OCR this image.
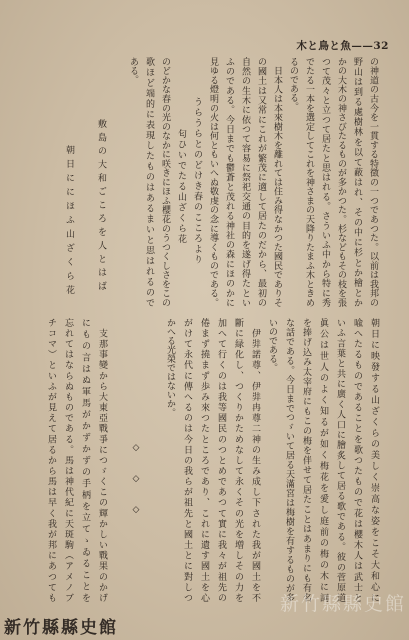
木と鳥と魚——32
の神道の古今を一貫する特徴の一つであつた。以前は我邦の
野山は到る處樹林を以て蔽はれ、その中に杉とか檜とか
かの大木の神さびたるものが多かつた。杉などもその枝を張
つて茂々と立つて居たと思はれる。さういふ中から特に秀
でたる一本を選定してこれを神さまの天降りたまふ木ときめ
るのである。
　日本人は本來樹木を離れては住み得なかつた國民でありそ
の國土は又常にこれが繁茂に適して居たのだから、最初の
自然の生木に依つて容易に祭祀交通の目的を遂げ得たとい
ふのである。今日までも鬱蒼と茂れる神社の森にほのかに
見ゆる燈明の火は何ともいへぬ敬虔の念に導くものである。
うらうらとのどけき春のこころより
匂ひいでたる山ざくら花
のどかな春の光のなかに咲きにほふ櫻花のうつくしさをこの
歌ほど端的に表現したものはあるまいと思はれるので
ある。
敷島の大和ごころを人とはば
朝日ににほふ山ざくら花
朝日に映發する山ざくらの美しく崇高な姿をこそ大和心に
喩へたるものであることを歌つたもので花は櫻木人は武士と
いふ言葉と共に廣く人口に膾炙して居る歌である。彼の菅原道
眞公は世人のよく知るが如く梅花を愛し庭前の梅の木に詞
を捧げ込み太宰府にもこの梅を伴せて居たことはあまりにも有名
な話である。今日までつゞいて居る天滿宮は梅樹を有するものが多
いのである。
　伊弉諾尊、伊弉冉尊二神の生み成し下された我が國土を不
斷に緑化し、つくりかためなして永くその光を増しその力を
加へて行くのは我等國民のつとめであつて實に我々が祖先の
倦まず撓まず歩み來つたところであり、これに遺す國土を心
がけて永代に傳へるのは今日の我らが祖先と國土とに對しつ
かへる光榮ではないか。
◇　◇　◇
　支那事變から大東亞戰爭につゞくこの輝かしい戰果のかげ
にもの言はぬ軍馬がかずかずの手柄を立てゝゐることを
忘れてはならぬものである。馬は神代紀に天斑駒（アメノブ
チコマ）といふが見えて居るから馬は早く我が邦にあつても
新竹縣縣史館
新竹縣縣史館
